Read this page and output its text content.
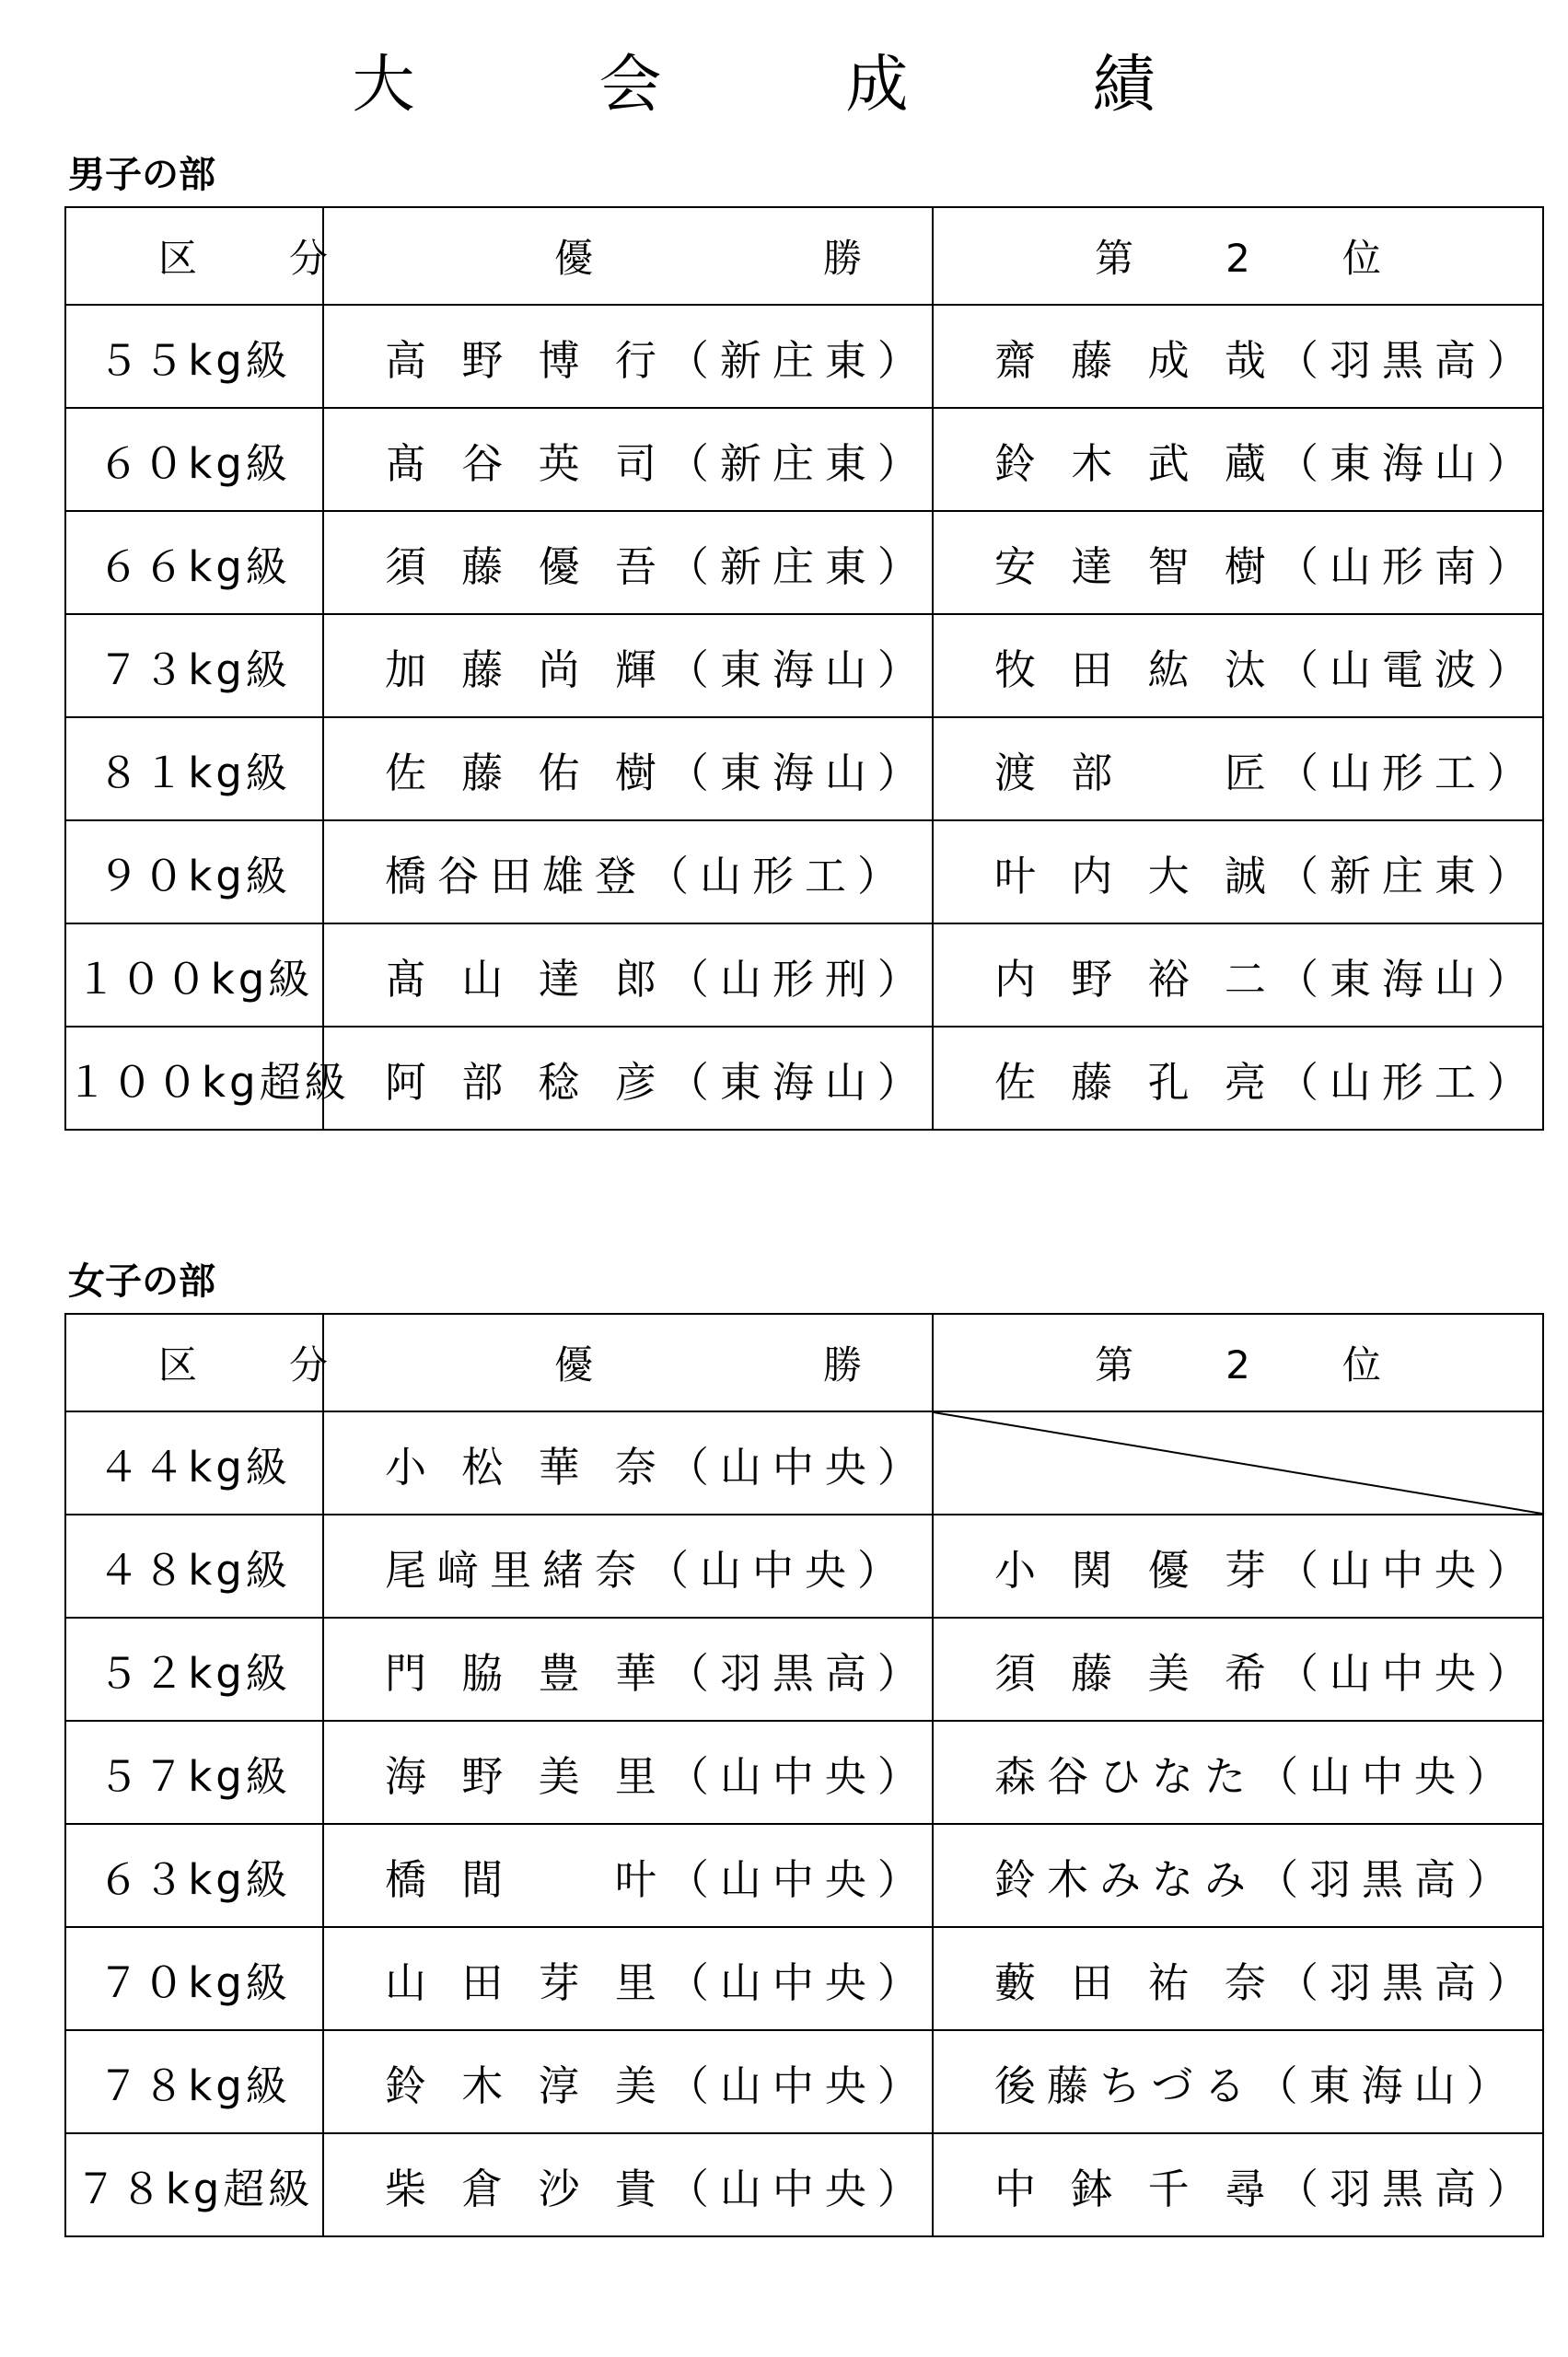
大　会　成　績
男子の部
区分	優勝	第2位
５５kg級	高 野 博 行（新庄東）	齋 藤 成 哉（羽黒高）
６０kg級	髙 谷 英 司（新庄東）	鈴 木 武 蔵（東海山）
６６kg級	須 藤 優 吾（新庄東）	安 達 智 樹（山形南）
７３kg級	加 藤 尚 輝（東海山）	牧 田 紘 汰（山電波）
８１kg級	佐 藤 佑 樹（東海山）	渡 部 　 匠（山形工）
９０kg級	橋谷田雄登（山形工）	叶 内 大 誠（新庄東）
１００kg級	髙 山 達 郎（山形刑）	内 野 裕 二（東海山）
１００kg超級	阿 部 稔 彦（東海山）	佐 藤 孔 亮（山形工）
女子の部
区分	優勝	第2位
４４kg級	小 松 華 奈（山中央）	

４８kg級	尾﨑里緒奈（山中央）	小 関 優 芽（山中央）
５２kg級	門 脇 豊 華（羽黒高）	須 藤 美 希（山中央）
５７kg級	海 野 美 里（山中央）	森谷ひなた（山中央）
６３kg級	橋 間 　 叶（山中央）	鈴木みなみ（羽黒高）
７０kg級	山 田 芽 里（山中央）	藪 田 祐 奈（羽黒高）
７８kg級	鈴 木 淳 美（山中央）	後藤ちづる（東海山）
７８kg超級	柴 倉 沙 貴（山中央）	中 鉢 千 尋（羽黒高）
